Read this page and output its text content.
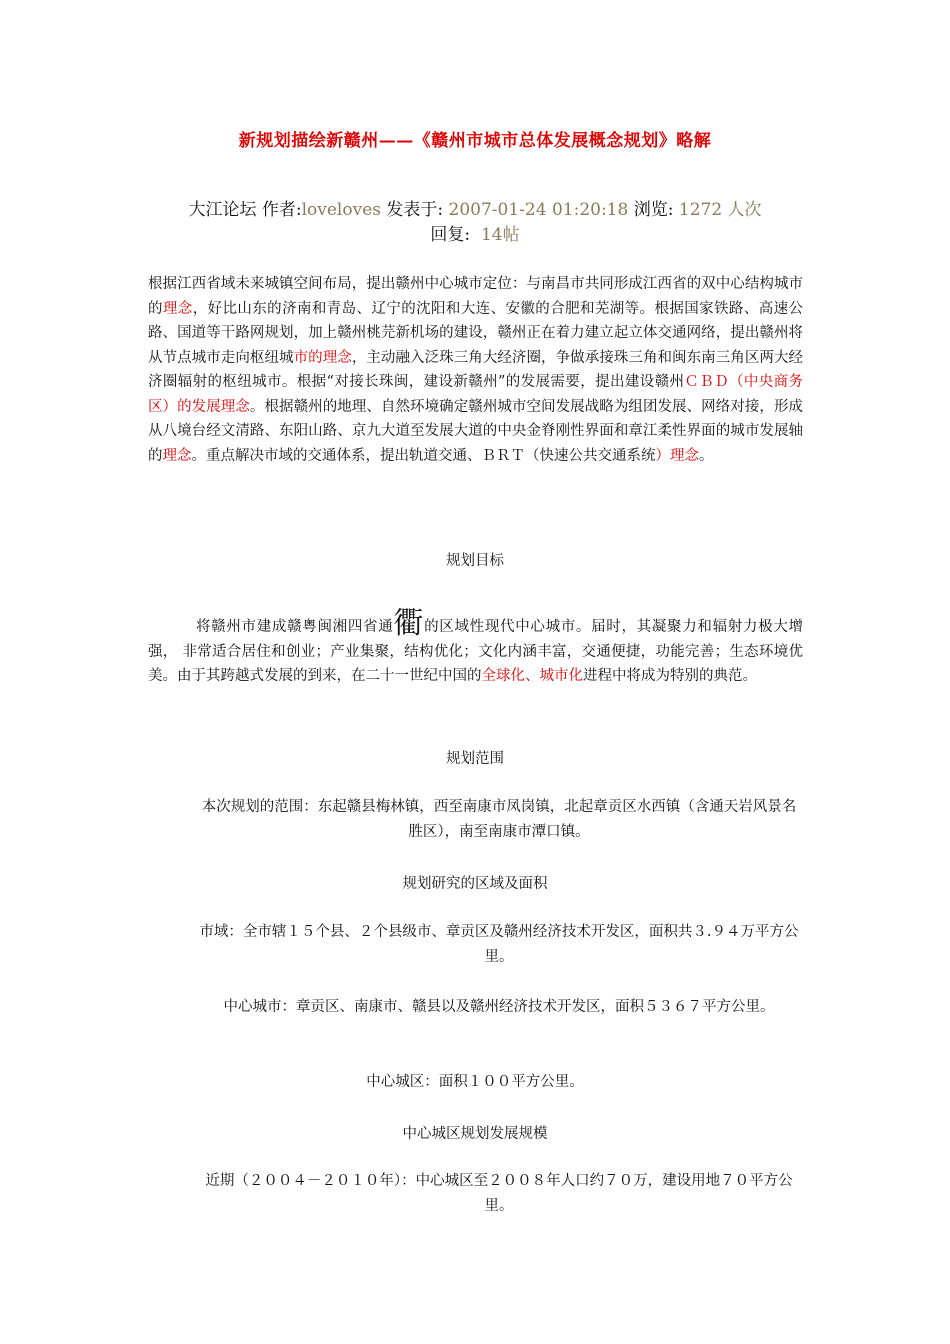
新规划描绘新赣州——《赣州市城市总体发展概念规划》略解
大江论坛 作者:loveloves 发表于: 2007-01-24 01:20:18 浏览: 1272 人次
回复: 14帖
根据江西省域未来城镇空间布局，提出赣州中心城市定位：与南昌市共同形成江西省的双中心结构城市的理念，好比山东的济南和青岛、辽宁的沈阳和大连、安徽的合肥和芜湖等。根据国家铁路、高速公路、国道等干路网规划，加上赣州桃芫新机场的建设，赣州正在着力建立起立体交通网络，提出赣州将从节点城市走向枢纽城市的理念，主动融入泛珠三角大经济圈，争做承接珠三角和闽东南三角区两大经济圈辐射的枢纽城市。根据“对接长珠闽，建设新赣州”的发展需要，提出建设赣州ＣＢＤ（中央商务区）的发展理念。根据赣州的地理、自然环境确定赣州城市空间发展战略为组团发展、网络对接，形成从八境台经文清路、东阳山路、京九大道至发展大道的中央金脊刚性界面和章江柔性界面的城市发展轴的理念。重点解决市域的交通体系，提出轨道交通、ＢＲＴ（快速公共交通系统）理念。
规划目标
将赣州市建成赣粤闽湘四省通衢的区域性现代中心城市。届时，其凝聚力和辐射力极大增强， 非常适合居住和创业；产业集聚，结构优化；文化内涵丰富，交通便捷，功能完善；生态环境优美。由于其跨越式发展的到来，在二十一世纪中国的全球化、城市化进程中将成为特别的典范。
规划范围
本次规划的范围：东起赣县梅林镇，西至南康市凤岗镇，北起章贡区水西镇（含通天岩风景名胜区），南至南康市潭口镇。
规划研究的区域及面积
市域：全市辖１５个县、２个县级市、章贡区及赣州经济技术开发区，面积共３.９４万平方公里。
中心城市：章贡区、南康市、赣县以及赣州经济技术开发区，面积５３６７平方公里。
中心城区：面积１００平方公里。
中心城区规划发展规模
近期（２００４－２０１０年）：中心城区至２００８年人口约７０万，建设用地７０平方公里。
